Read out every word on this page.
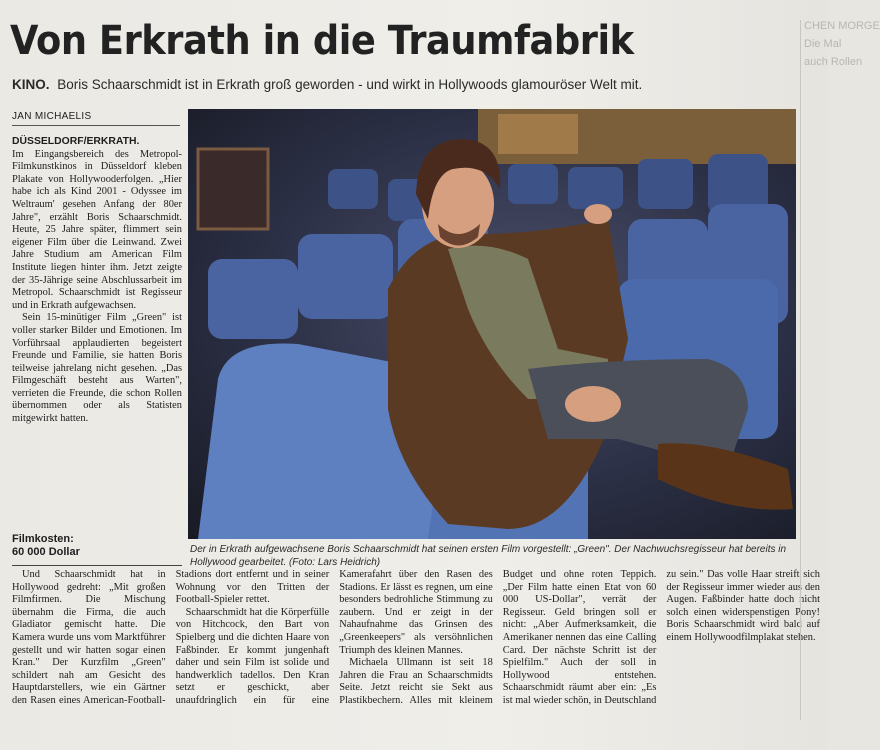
Von Erkrath in die Traumfabrik
KINO. Boris Schaarschmidt ist in Erkrath groß geworden - und wirkt in Hollywoods glamouröser Welt mit.
JAN MICHAELIS

DÜSSELDORF/ERKRATH.
Im Eingangsbereich des Metropol-Filmkunstkinos in Düsseldorf kleben Plakate von Hollywooderfolgen. „Hier habe ich als Kind 2001 - Odyssee im Weltraum' gesehen Anfang der 80er Jahre", erzählt Boris Schaarschmidt. Heute, 25 Jahre später, flimmert sein eigener Film über die Leinwand. Zwei Jahre Studium am American Film Institute liegen hinter ihm. Jetzt zeigte der 35-Jährige seine Abschlussarbeit im Metropol. Schaarschmidt ist Regisseur und in Erkrath aufgewachsen.

Sein 15-minütiger Film „Green" ist voller starker Bilder und Emotionen. Im Vorführsaal applaudierten begeistert Freunde und Familie, sie hatten Boris teilweise jahrelang nicht gesehen. „Das Filmgeschäft besteht aus Warten", verrieten die Freunde, die schon Rollen übernommen oder als Statisten mitgewirkt hatten.

Filmkosten:
60 000 Dollar	Der in Erkrath aufgewachsene Boris Schaarschmidt hat seinen ersten Film vorgestellt: „Green". Der Nachwuchsregisseur hat bereits in Hollywood gearbeitet. (Foto: Lars Heidrich)

Und Schaarschmidt hat in Hollywood gedreht: „Mit großen Filmfirmen. Die Mischung übernahm die Firma, die auch Gladiator gemischt hatte. Die Kamera wurde uns vom Marktführer gestellt und wir hatten sogar einen Kran." Der Kurzfilm „Green" schildert nah am Gesicht des Hauptdarstellers, wie ein Gärtner den Rasen eines American-Football-Stadions dort entfernt und in seiner Wohnung vor den Tritten der Football-Spieler rettet.

Schaarschmidt hat die Körperfülle von Hitchcock, den Bart von Spielberg und die dichten Haare von Faßbinder. Er kommt jungenhaft daher und sein Film ist solide und handwerklich tadellos. Den Kran setzt er geschickt, aber unaufdringlich ein für eine Kamerafahrt über den Rasen des Stadions. Er lässt es regnen, um eine besonders bedrohliche Stimmung zu zaubern. Und er zeigt in der Nahaufnahme das Grinsen des „Greenkeepers" als versöhnlichen Triumph des kleinen Mannes.

Michaela Ullmann ist seit 18 Jahren die Frau an Schaarschmidts Seite. Jetzt reicht sie Sekt aus Plastikbechern. Alles mit kleinem Budget und ohne roten Teppich. „Der Film hatte einen Etat von 60 000 US-Dollar", verrät der Regisseur. Geld bringen soll er nicht: „Aber Aufmerksamkeit, die Amerikaner nennen das eine Calling Card. Der nächste Schritt ist der Spielfilm." Auch der soll in Hollywood entstehen. Schaarschmidt räumt aber ein: „Es ist mal wieder schön, in Deutschland zu sein." Das volle Haar streift sich der Regisseur immer wieder aus den Augen. Faßbinder hatte doch nicht solch einen widerspenstigen Pony! Boris Schaarschmidt wird bald auf einem Hollywoodfilmplakat stehen.

CHEN MORGE
Die Mal
auch Rollen
